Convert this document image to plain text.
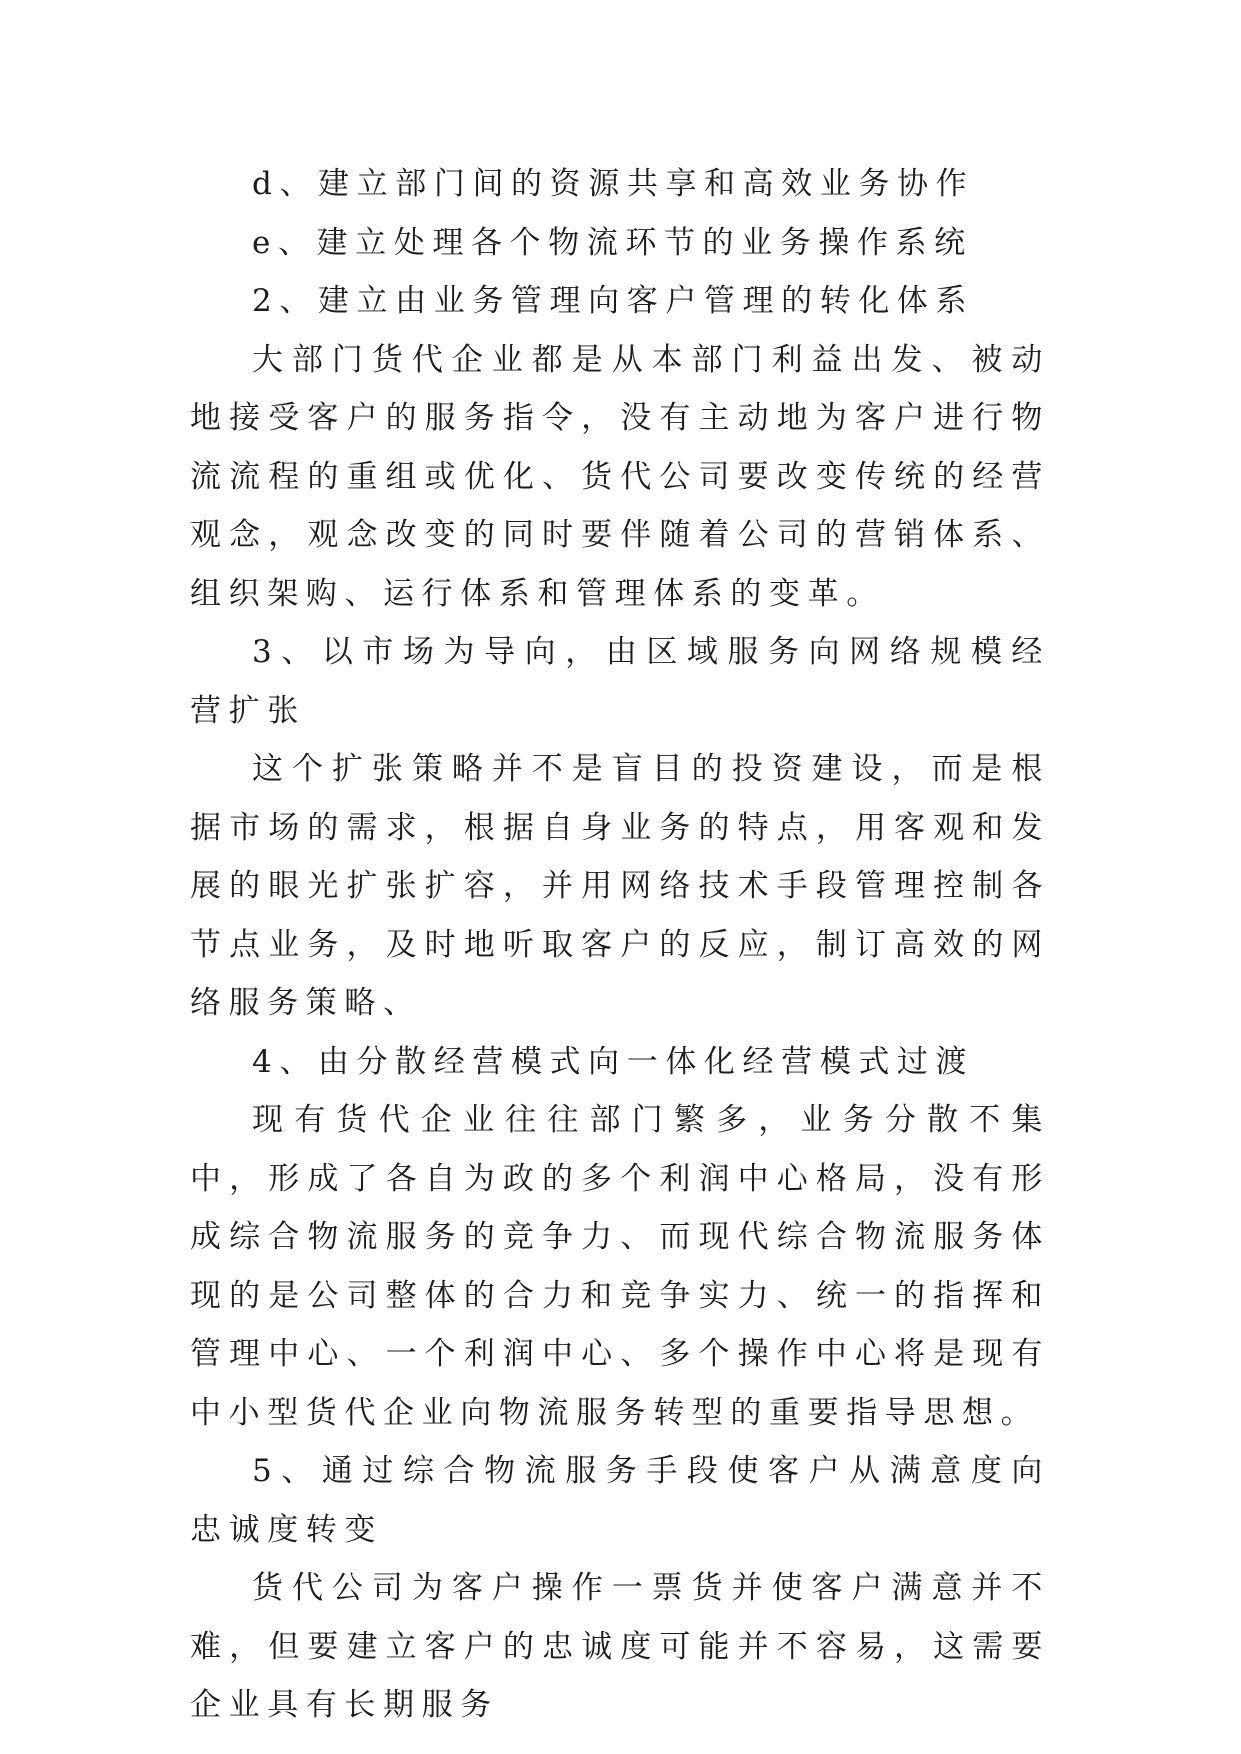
d、建立部门间的资源共享和高效业务协作

e、建立处理各个物流环节的业务操作系统

2、建立由业务管理向客户管理的转化体系

大部门货代企业都是从本部门利益出发、被动地接受客户的服务指令，没有主动地为客户进行物流流程的重组或优化、货代公司要改变传统的经营观念，观念改变的同时要伴随着公司的营销体系、组织架购、运行体系和管理体系的变革。

3、以市场为导向，由区域服务向网络规模经营扩张

这个扩张策略并不是盲目的投资建设，而是根据市场的需求，根据自身业务的特点，用客观和发展的眼光扩张扩容，并用网络技术手段管理控制各节点业务，及时地听取客户的反应，制订高效的网络服务策略、

4、由分散经营模式向一体化经营模式过渡

现有货代企业往往部门繁多，业务分散不集中，形成了各自为政的多个利润中心格局，没有形成综合物流服务的竞争力、而现代综合物流服务体现的是公司整体的合力和竞争实力、统一的指挥和管理中心、一个利润中心、多个操作中心将是现有中小型货代企业向物流服务转型的重要指导思想。

5、通过综合物流服务手段使客户从满意度向忠诚度转变

货代公司为客户操作一票货并使客户满意并不难，但要建立客户的忠诚度可能并不容易，这需要企业具有长期服务
